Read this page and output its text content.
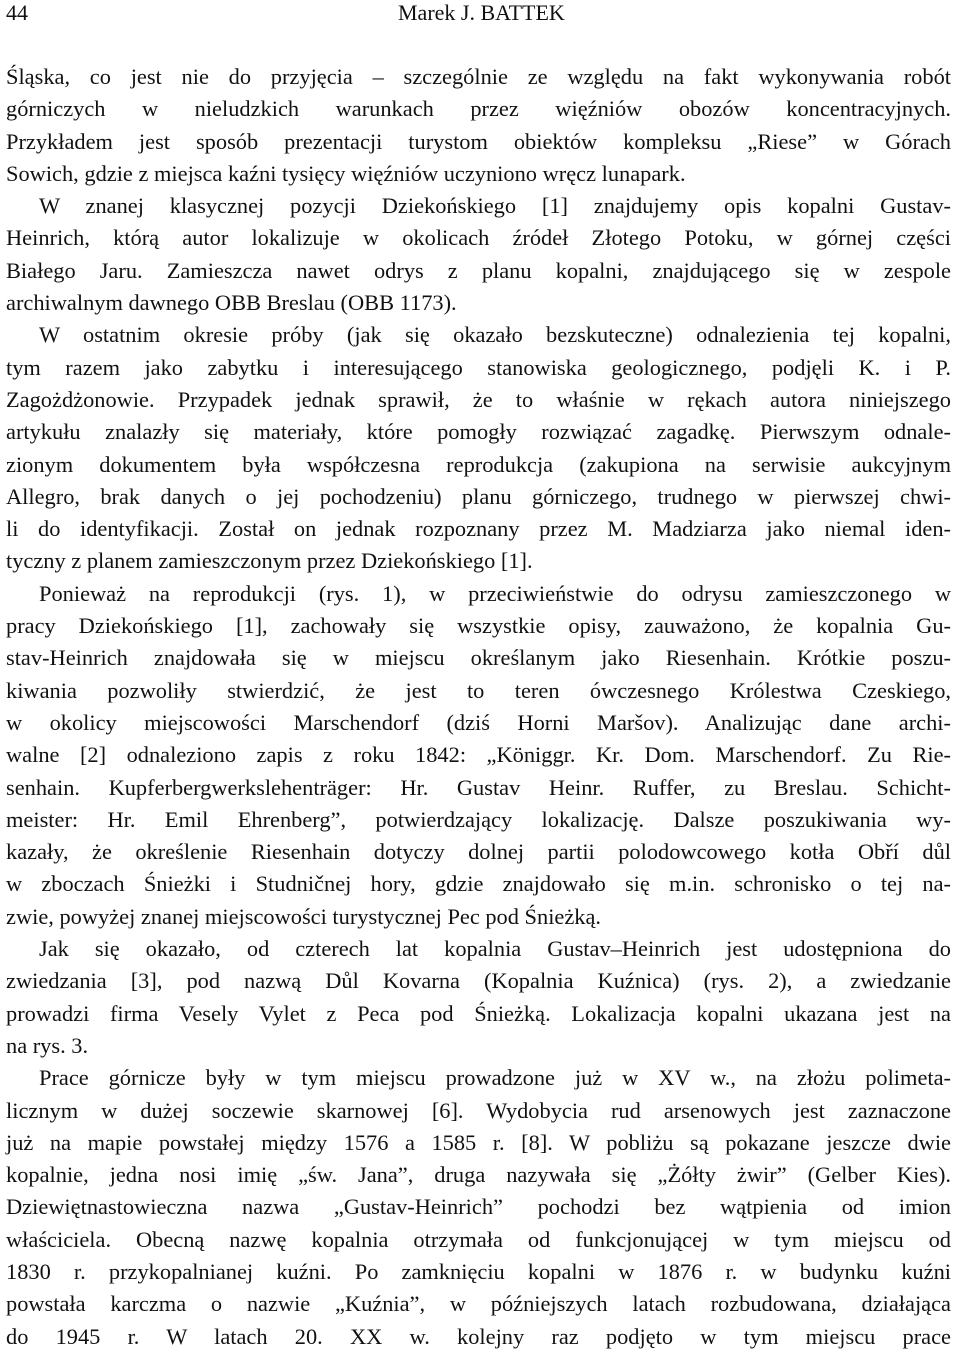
44	Marek J. BATTEK
Śląska, co jest nie do przyjęcia – szczególnie ze względu na fakt wykonywania robót
górniczych w nieludzkich warunkach przez więźniów obozów koncentracyjnych.
Przykładem jest sposób prezentacji turystom obiektów kompleksu „Riese” w Górach
Sowich, gdzie z miejsca kaźni tysięcy więźniów uczyniono wręcz lunapark.
W znanej klasycznej pozycji Dziekońskiego [1] znajdujemy opis kopalni Gustav-
Heinrich, którą autor lokalizuje w okolicach źródeł Złotego Potoku, w górnej części
Białego Jaru. Zamieszcza nawet odrys z planu kopalni, znajdującego się w zespole
archiwalnym dawnego OBB Breslau (OBB 1173).
W ostatnim okresie próby (jak się okazało bezskuteczne) odnalezienia tej kopalni,
tym razem jako zabytku i interesującego stanowiska geologicznego, podjęli K. i P.
Zagożdżonowie. Przypadek jednak sprawił, że to właśnie w rękach autora niniejszego
artykułu znalazły się materiały, które pomogły rozwiązać zagadkę. Pierwszym odnale-
zionym dokumentem była współczesna reprodukcja (zakupiona na serwisie aukcyjnym
Allegro, brak danych o jej pochodzeniu) planu górniczego, trudnego w pierwszej chwi-
li do identyfikacji. Został on jednak rozpoznany przez M. Madziarza jako niemal iden-
tyczny z planem zamieszczonym przez Dziekońskiego [1].
Ponieważ na reprodukcji (rys. 1), w przeciwieństwie do odrysu zamieszczonego w
pracy Dziekońskiego [1], zachowały się wszystkie opisy, zauważono, że kopalnia Gu-
stav-Heinrich znajdowała się w miejscu określanym jako Riesenhain. Krótkie poszu-
kiwania pozwoliły stwierdzić, że jest to teren ówczesnego Królestwa Czeskiego,
w okolicy miejscowości Marschendorf (dziś Horni Maršov). Analizując dane archi-
walne [2] odnaleziono zapis z roku 1842: „Königgr. Kr. Dom. Marschendorf. Zu Rie-
senhain. Kupferbergwerkslehenträger: Hr. Gustav Heinr. Ruffer, zu Breslau. Schicht-
meister: Hr. Emil Ehrenberg”, potwierdzający lokalizację. Dalsze poszukiwania wy-
kazały, że określenie Riesenhain dotyczy dolnej partii polodowcowego kotła Obří důl
w zboczach Śnieżki i Studničnej hory, gdzie znajdowało się m.in. schronisko o tej na-
zwie, powyżej znanej miejscowości turystycznej Pec pod Śnieżką.
Jak się okazało, od czterech lat kopalnia Gustav–Heinrich jest udostępniona do
zwiedzania [3], pod nazwą Důl Kovarna (Kopalnia Kuźnica) (rys. 2), a zwiedzanie
prowadzi firma Vesely Vylet z Peca pod Śnieżką. Lokalizacja kopalni ukazana jest na
na rys. 3.
Prace górnicze były w tym miejscu prowadzone już w XV w., na złożu polimeta-
licznym w dużej soczewie skarnowej [6]. Wydobycia rud arsenowych jest zaznaczone
już na mapie powstałej między 1576 a 1585 r. [8]. W pobliżu są pokazane jeszcze dwie
kopalnie, jedna nosi imię „św. Jana”, druga nazywała się „Żółty żwir” (Gelber Kies).
Dziewiętnastowieczna nazwa „Gustav-Heinrich” pochodzi bez wątpienia od imion
właściciela. Obecną nazwę kopalnia otrzymała od funkcjonującej w tym miejscu od
1830 r. przykopalnianej kuźni. Po zamknięciu kopalni w 1876 r. w budynku kuźni
powstała karczma o nazwie „Kuźnia”, w późniejszych latach rozbudowana, działająca
do 1945 r. W latach 20. XX w. kolejny raz podjęto w tym miejscu prace
